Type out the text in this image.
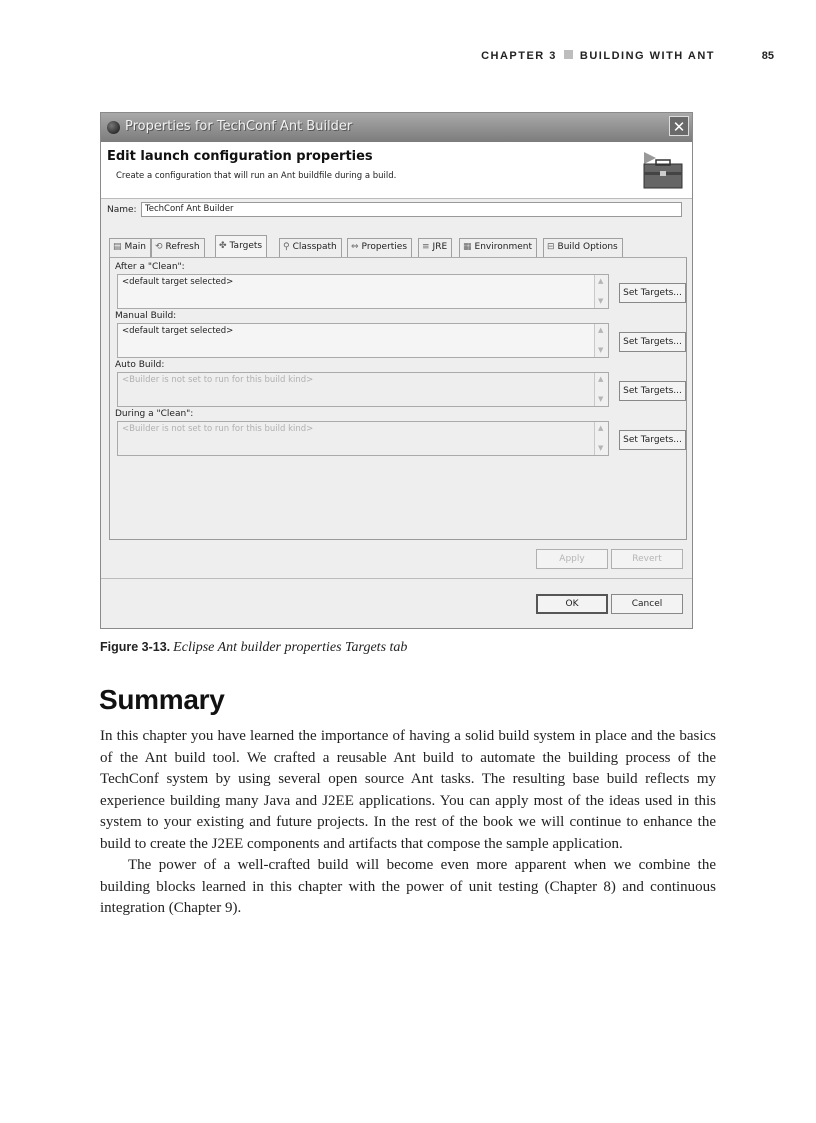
CHAPTER 3 BUILDING WITH ANT	85
Properties for TechConf Ant Builder	✕
Edit launch configuration properties
Create a configuration that will run an Ant buildfile during a build.
Name: TechConf Ant Builder
▤ Main ⟲ Refresh	✤ Targets	⚲ Classpath	⇔ Properties	≡ JRE	▦ Environment	⊟ Build Options
After a "Clean":
<default target selected>	▲
▼
Set Targets...
Manual Build:
<default target selected>	▲
▼
Set Targets...
Auto Build:
<Builder is not set to run for this build kind>	▲
▼
Set Targets...
During a "Clean":
<Builder is not set to run for this build kind>	▲
▼
Set Targets...
Apply	Revert
OK	Cancel
Figure 3-13. Eclipse Ant builder properties Targets tab
Summary

In this chapter you have learned the importance of having a solid build system in place and the basics of the Ant build tool. We crafted a reusable Ant build to automate the building process of the TechConf system by using several open source Ant tasks. The resulting base build reflects my experience building many Java and J2EE applications. You can apply most of the ideas used in this system to your existing and future projects. In the rest of the book we will continue to enhance the build to create the J2EE components and artifacts that compose the sample application.

The power of a well-crafted build will become even more apparent when we combine the building blocks learned in this chapter with the power of unit testing (Chapter 8) and continuous integration (Chapter 9).
